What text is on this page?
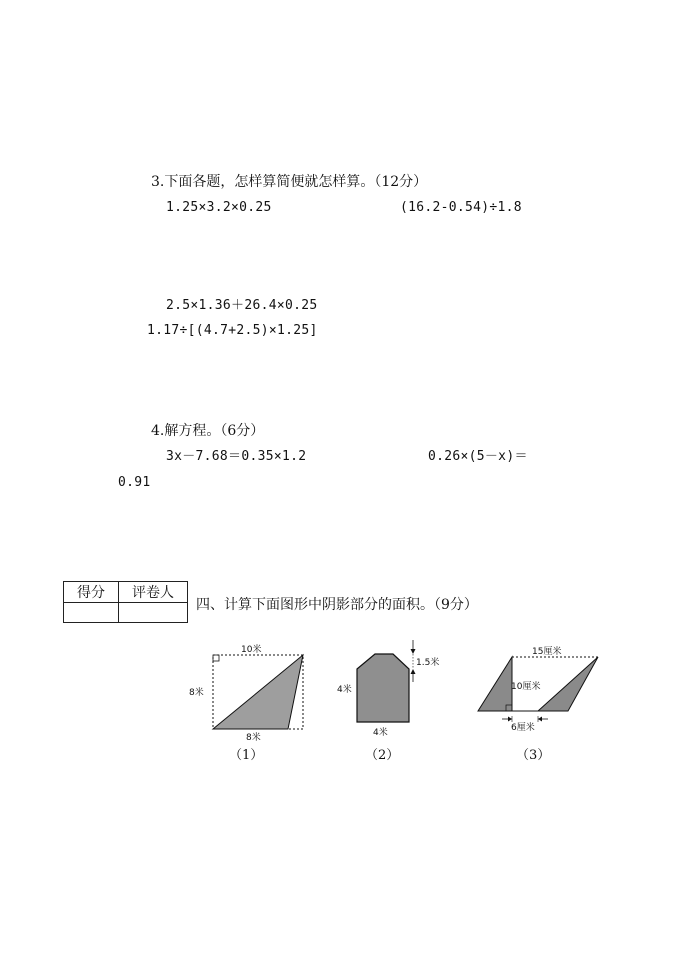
3.下面各题，怎样算简便就怎样算。（12分）
1.25×3.2×0.25	(16.2-0.54)÷1.8
2.5×1.36＋26.4×0.25
1.17÷[(4.7+2.5)×1.25]
4.解方程。（6分）
3x－7.68＝0.35×1.2	0.26×(5－x)＝
0.91
得分	评卷人

四、计算下面图形中阴影部分的面积。（9分）
10米
8米
8米
（1）
1.5米
4米
4米
（2）
15厘米
10厘米
6厘米
（3）
